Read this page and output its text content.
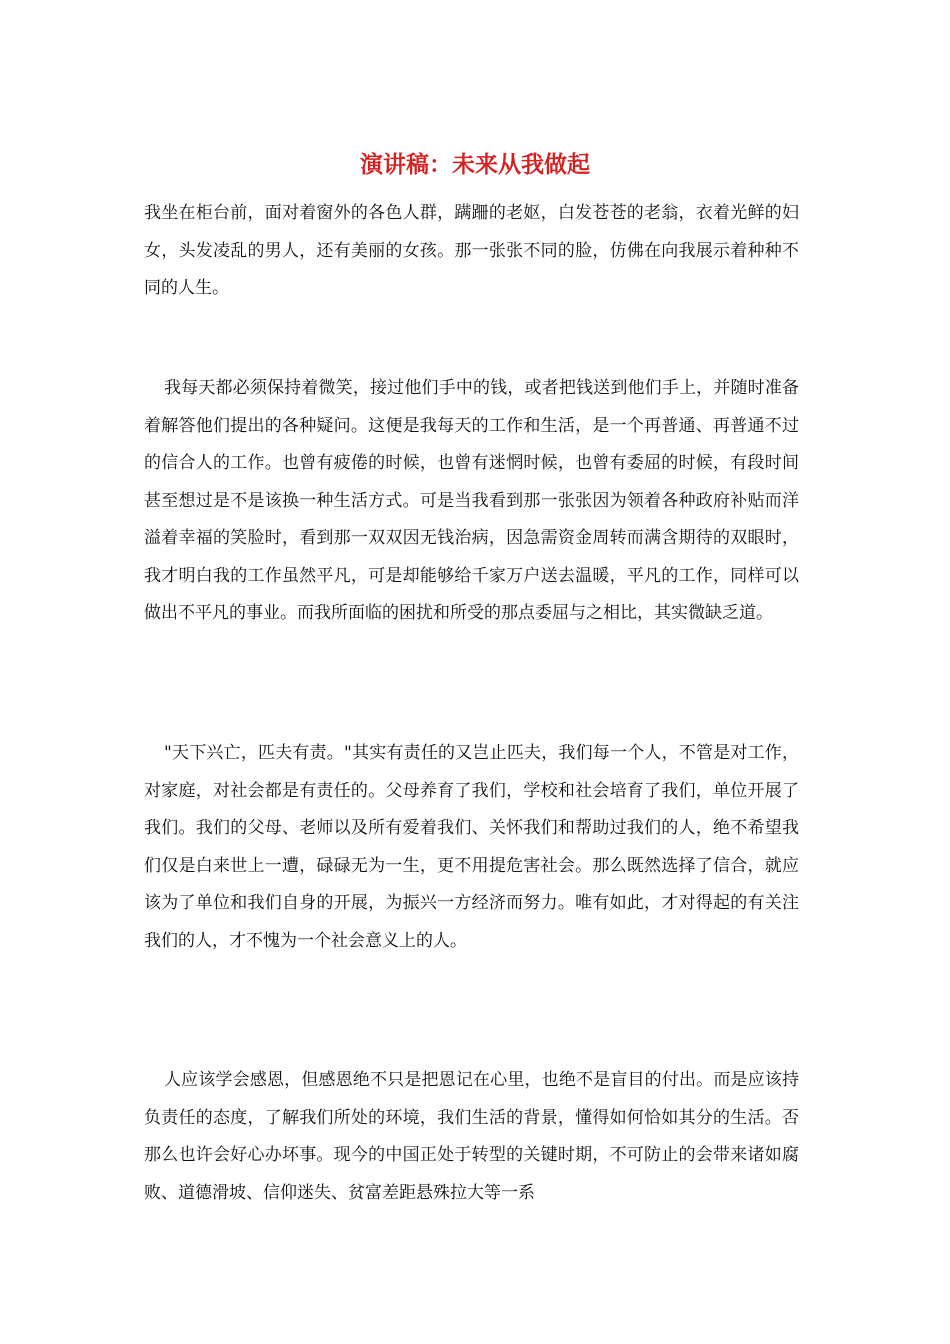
演讲稿：未来从我做起

我坐在柜台前，面对着窗外的各色人群，蹒跚的老妪，白发苍苍的老翁，衣着光鲜的妇女，头发凌乱的男人，还有美丽的女孩。那一张张不同的脸，仿佛在向我展示着种种不同的人生。

我每天都必须保持着微笑，接过他们手中的钱，或者把钱送到他们手上，并随时准备着解答他们提出的各种疑问。这便是我每天的工作和生活，是一个再普通、再普通不过的信合人的工作。也曾有疲倦的时候，也曾有迷惘时候，也曾有委屈的时候，有段时间甚至想过是不是该换一种生活方式。可是当我看到那一张张因为领着各种政府补贴而洋溢着幸福的笑脸时，看到那一双双因无钱治病，因急需资金周转而满含期待的双眼时，我才明白我的工作虽然平凡，可是却能够给千家万户送去温暖，平凡的工作，同样可以做出不平凡的事业。而我所面临的困扰和所受的那点委屈与之相比，其实微缺乏道。

"天下兴亡，匹夫有责。"其实有责任的又岂止匹夫，我们每一个人，不管是对工作，对家庭，对社会都是有责任的。父母养育了我们，学校和社会培育了我们，单位开展了我们。我们的父母、老师以及所有爱着我们、关怀我们和帮助过我们的人，绝不希望我们仅是白来世上一遭，碌碌无为一生，更不用提危害社会。那么既然选择了信合，就应该为了单位和我们自身的开展，为振兴一方经济而努力。唯有如此，才对得起的有关注我们的人，才不愧为一个社会意义上的人。

人应该学会感恩，但感恩绝不只是把恩记在心里，也绝不是盲目的付出。而是应该持负责任的态度，了解我们所处的环境，我们生活的背景，懂得如何恰如其分的生活。否那么也许会好心办坏事。现今的中国正处于转型的关键时期，不可防止的会带来诸如腐败、道德滑坡、信仰迷失、贫富差距悬殊拉大等一系
